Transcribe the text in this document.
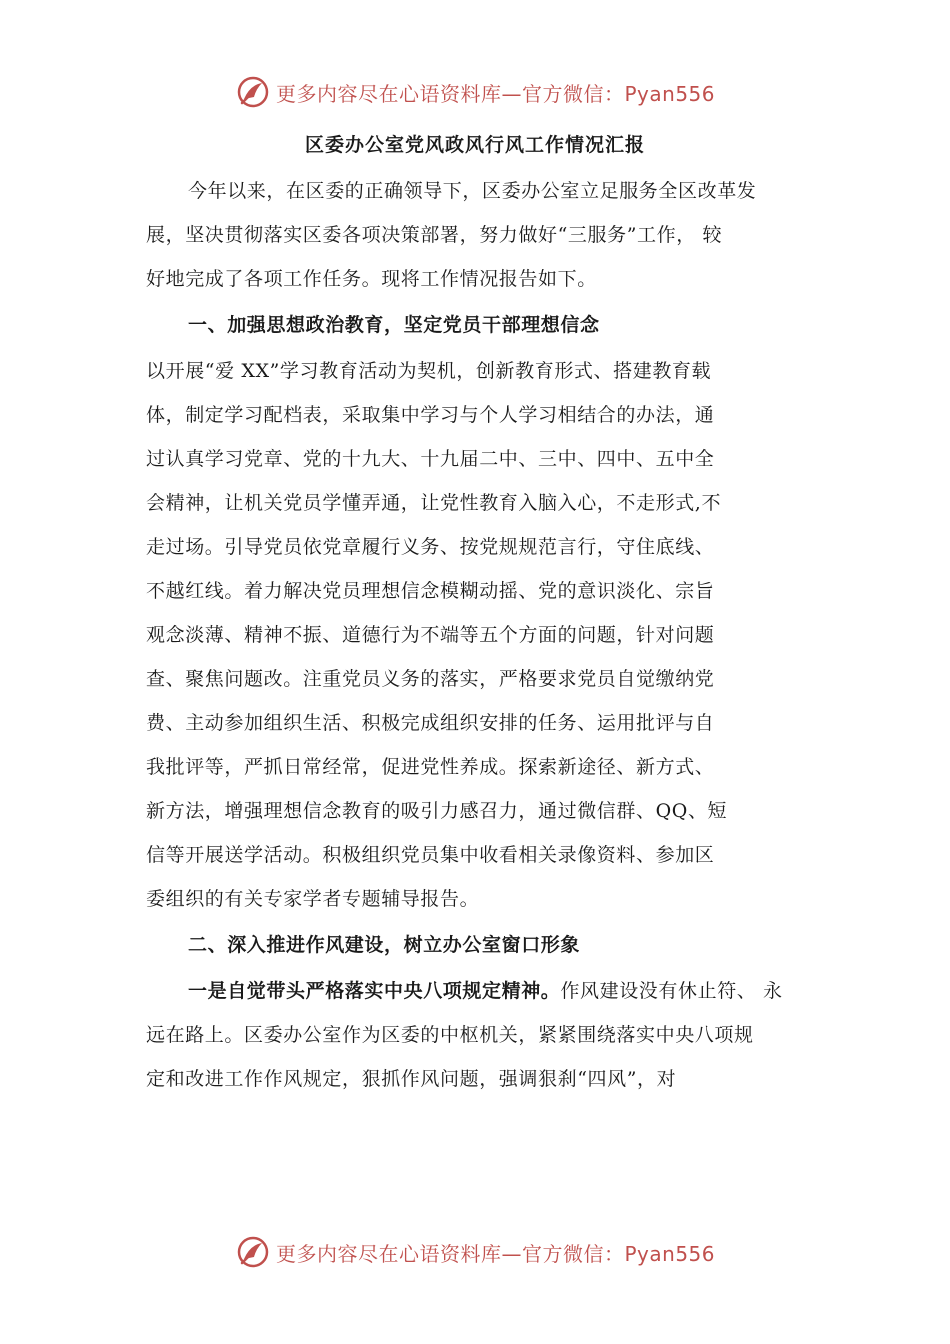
更多内容尽在心语资料库—官方微信：Pyan556
区委办公室党风政风行风工作情况汇报
今年以来，在区委的正确领导下，区委办公室立足服务全区改革发
展，坚决贯彻落实区委各项决策部署，努力做好“三服务”工作， 较
好地完成了各项工作任务。现将工作情况报告如下。
一、加强思想政治教育，坚定党员干部理想信念
以开展“爱 XX”学习教育活动为契机，创新教育形式、搭建教育载
体，制定学习配档表，采取集中学习与个人学习相结合的办法，通
过认真学习党章、党的十九大、十九届二中、三中、四中、五中全
会精神，让机关党员学懂弄通，让党性教育入脑入心，不走形式,不
走过场。引导党员依党章履行义务、按党规规范言行，守住底线、
不越红线。着力解决党员理想信念模糊动摇、党的意识淡化、宗旨
观念淡薄、精神不振、道德行为不端等五个方面的问题，针对问题
查、聚焦问题改。注重党员义务的落实，严格要求党员自觉缴纳党
费、主动参加组织生活、积极完成组织安排的任务、运用批评与自
我批评等，严抓日常经常，促进党性养成。探索新途径、新方式、
新方法，增强理想信念教育的吸引力感召力，通过微信群、QQ、短
信等开展送学活动。积极组织党员集中收看相关录像资料、参加区
委组织的有关专家学者专题辅导报告。
二、深入推进作风建设，树立办公室窗口形象
一是自觉带头严格落实中央八项规定精神。作风建设没有休止符、 永
远在路上。区委办公室作为区委的中枢机关，紧紧围绕落实中央八项规
定和改进工作作风规定，狠抓作风问题，强调狠刹“四风”，对
更多内容尽在心语资料库—官方微信：Pyan556
